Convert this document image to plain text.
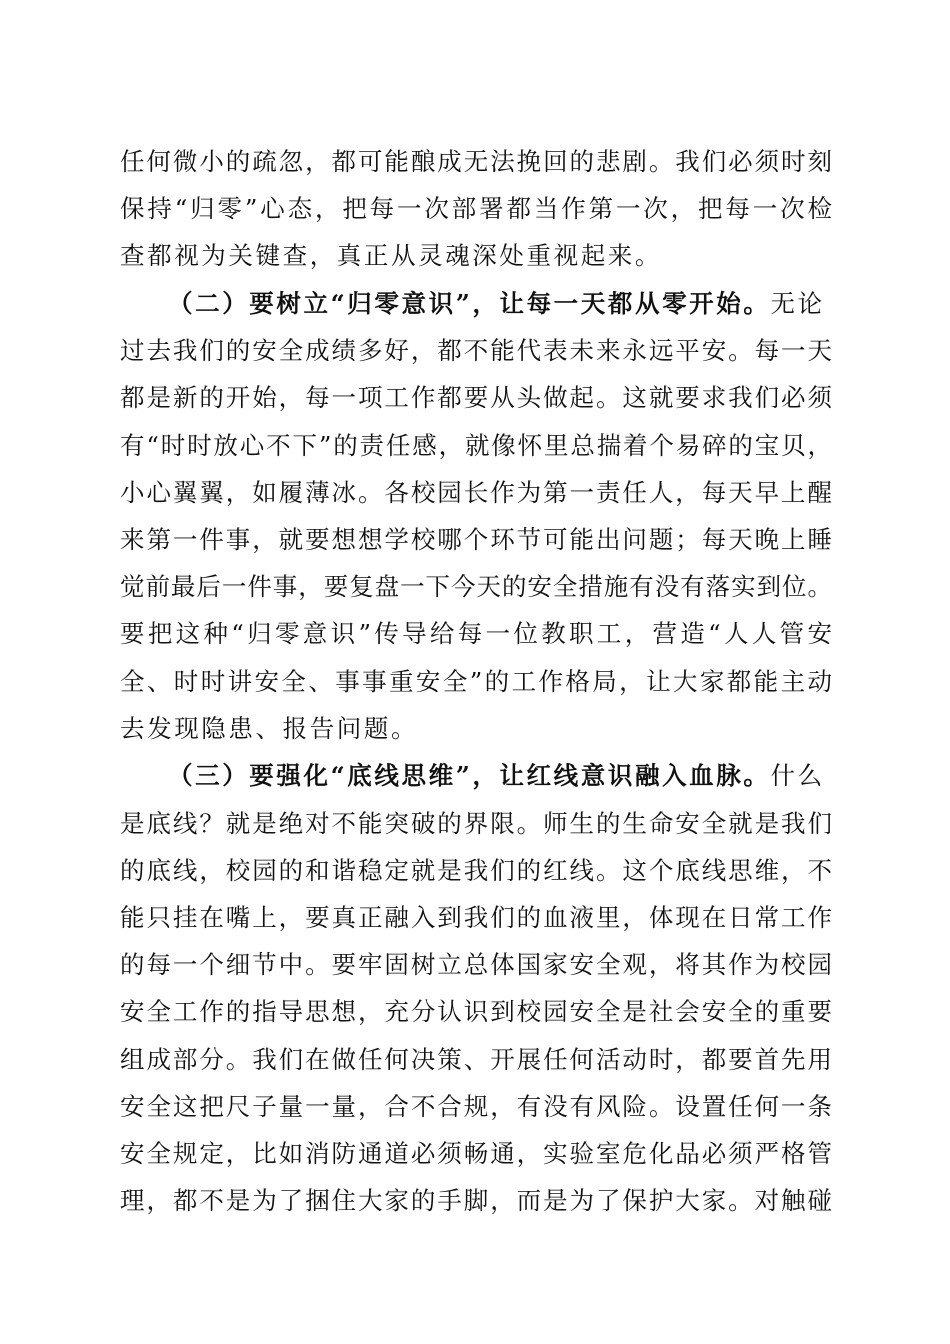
任何微小的疏忽，都可能酿成无法挽回的悲剧。我们必须时刻
保持“归零”心态，把每一次部署都当作第一次，把每一次检
查都视为关键查，真正从灵魂深处重视起来。
（二）要树立“归零意识”，让每一天都从零开始。无论
过去我们的安全成绩多好，都不能代表未来永远平安。每一天
都是新的开始，每一项工作都要从头做起。这就要求我们必须
有“时时放心不下”的责任感，就像怀里总揣着个易碎的宝贝，
小心翼翼，如履薄冰。各校园长作为第一责任人，每天早上醒
来第一件事，就要想想学校哪个环节可能出问题；每天晚上睡
觉前最后一件事，要复盘一下今天的安全措施有没有落实到位。
要把这种“归零意识”传导给每一位教职工，营造“人人管安
全、时时讲安全、事事重安全”的工作格局，让大家都能主动
去发现隐患、报告问题。
（三）要强化“底线思维”，让红线意识融入血脉。什么
是底线？就是绝对不能突破的界限。师生的生命安全就是我们
的底线，校园的和谐稳定就是我们的红线。这个底线思维，不
能只挂在嘴上，要真正融入到我们的血液里，体现在日常工作
的每一个细节中。要牢固树立总体国家安全观，将其作为校园
安全工作的指导思想，充分认识到校园安全是社会安全的重要
组成部分。我们在做任何决策、开展任何活动时，都要首先用
安全这把尺子量一量，合不合规，有没有风险。设置任何一条
安全规定，比如消防通道必须畅通，实验室危化品必须严格管
理，都不是为了捆住大家的手脚，而是为了保护大家。对触碰
